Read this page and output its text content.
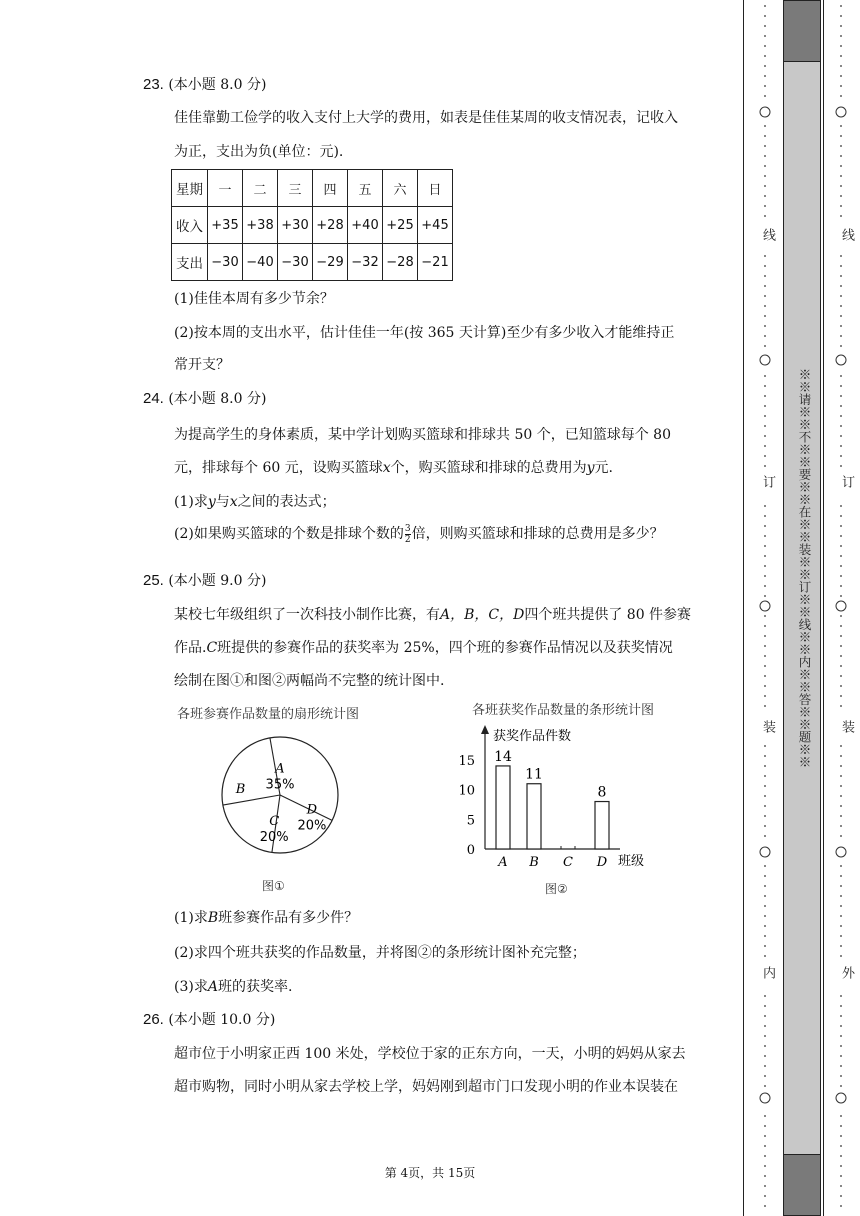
23. (本小题 8.0 分)
佳佳靠勤工俭学的收入支付上大学的费用，如表是佳佳某周的收支情况表，记收入
为正，支出为负(单位：元).
星期	一	二	三	四	五	六	日
收入	+35	+38	+30	+28	+40	+25	+45
支出	−30	−40	−30	−29	−32	−28	−21
(1)佳佳本周有多少节余？
(2)按本周的支出水平，估计佳佳一年(按 365 天计算)至少有多少收入才能维持正
常开支？
24. (本小题 8.0 分)
为提高学生的身体素质，某中学计划购买篮球和排球共 50 个，已知篮球每个 80
元，排球每个 60 元，设购买篮球x个，购买篮球和排球的总费用为y元.
(1)求y与x之间的表达式；
(2)如果购买篮球的个数是排球个数的 $\frac{3}{2}$ 倍，则购买篮球和排球的总费用是多少？
25. (本小题 9.0 分)
某校七年级组织了一次科技小制作比赛，有A，B，C，D四个班共提供了 80 件参赛
作品.C班提供的参赛作品的获奖率为 25%，四个班的参赛作品情况以及获奖情况
绘制在图①和图②两幅尚不完整的统计图中.
各班参赛作品数量的扇形统计图
A
35%
D
20%
C
20%
B
图①
各班获奖作品数量的条形统计图
获奖作品件数
班级
0
5
10
15 14
A
11
B C
8
D
图②
(1)求B班参赛作品有多少件？
(2)求四个班共获奖的作品数量，并将图②的条形统计图补充完整；
(3)求A班的获奖率.
26. (本小题 10.0 分)
超市位于小明家正西 100 米处，学校位于家的正东方向，一天，小明的妈妈从家去
超市购物，同时小明从家去学校上学，妈妈刚到超市门口发现小明的作业本误装在
第 4页，共 15页
※※请※※不※※要※※在※※装※※订※※线※※内※※答※※题※※
线
订
装
内
线
订
装
外
